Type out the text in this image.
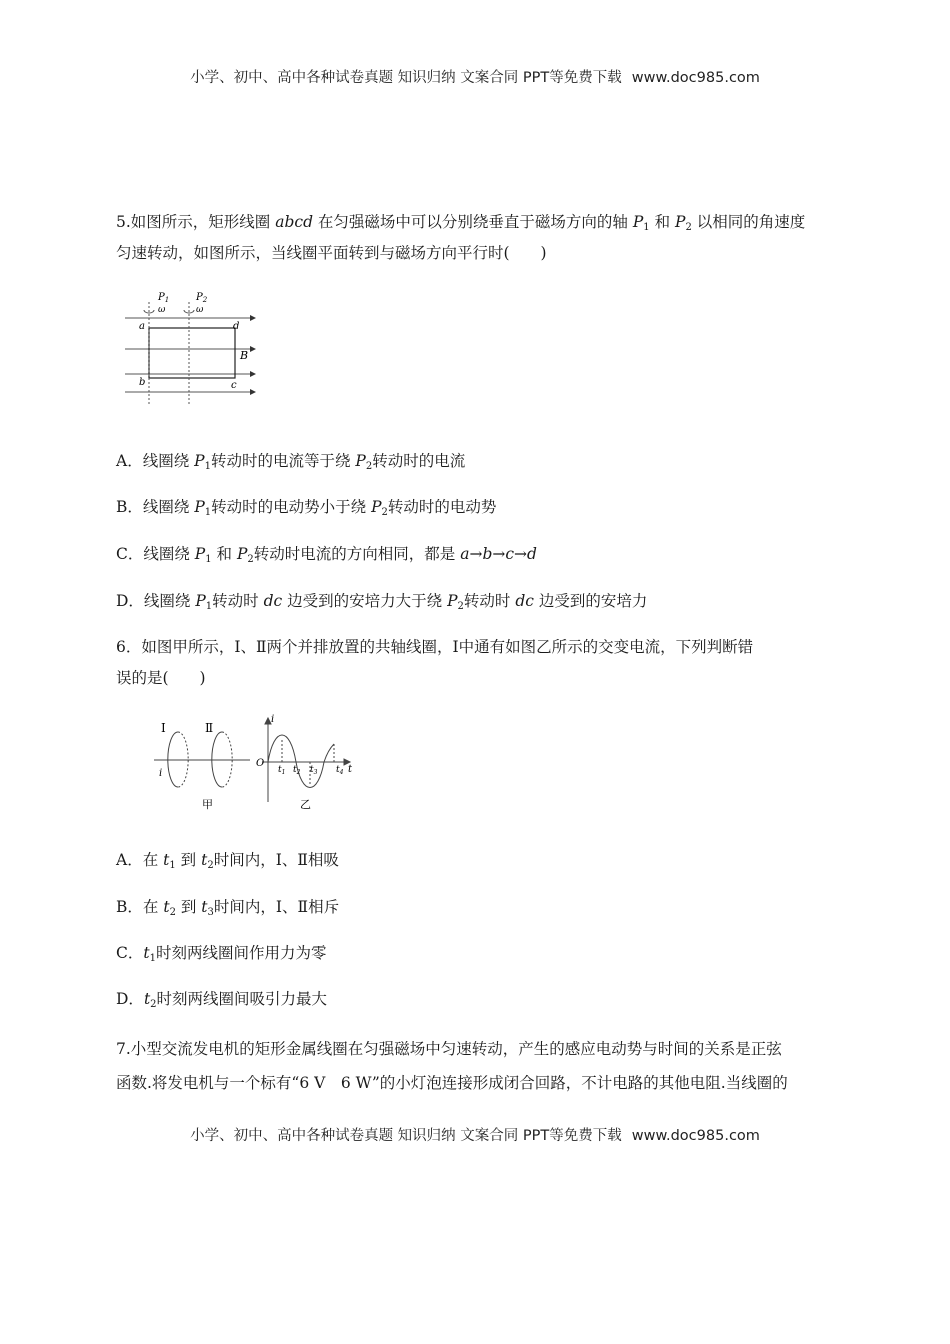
小学、初中、高中各种试卷真题 知识归纳 文案合同 PPT等免费下载 www.doc985.com
5.如图所示，矩形线圈 abcd 在匀强磁场中可以分别绕垂直于磁场方向的轴 $P_1$ 和 $P_2$ 以相同的角速度
匀速转动，如图所示，当线圈平面转到与磁场方向平行时(　　)
$P_1$	$P_2$
ω	ω
a	d
b	c
B
A．线圈绕 $P_1$转动时的电流等于绕 $P_2$转动时的电流
B．线圈绕 $P_1$转动时的电动势小于绕 $P_2$转动时的电动势
C．线圈绕 $P_1$ 和 $P_2$转动时电流的方向相同，都是 a→b→c→d
D．线圈绕 $P_1$转动时 dc 边受到的安培力大于绕 $P_2$转动时 dc 边受到的安培力
6．如图甲所示，Ⅰ、Ⅱ两个并排放置的共轴线圈，Ⅰ中通有如图乙所示的交变电流，下列判断错
误的是(　　)
Ⅰ	Ⅱ
i
i
O
t
$t_1$ $t_2$ $t_3$ $t_4$
甲	乙
A．在 $t_1$ 到 $t_2$时间内，Ⅰ、Ⅱ相吸
B．在 $t_2$ 到 $t_3$时间内，Ⅰ、Ⅱ相斥
C．$t_1$时刻两线圈间作用力为零
D．$t_2$时刻两线圈间吸引力最大
7.小型交流发电机的矩形金属线圈在匀强磁场中匀速转动，产生的感应电动势与时间的关系是正弦
函数.将发电机与一个标有“6 V　6 W”的小灯泡连接形成闭合回路，不计电路的其他电阻.当线圈的
小学、初中、高中各种试卷真题 知识归纳 文案合同 PPT等免费下载 www.doc985.com
